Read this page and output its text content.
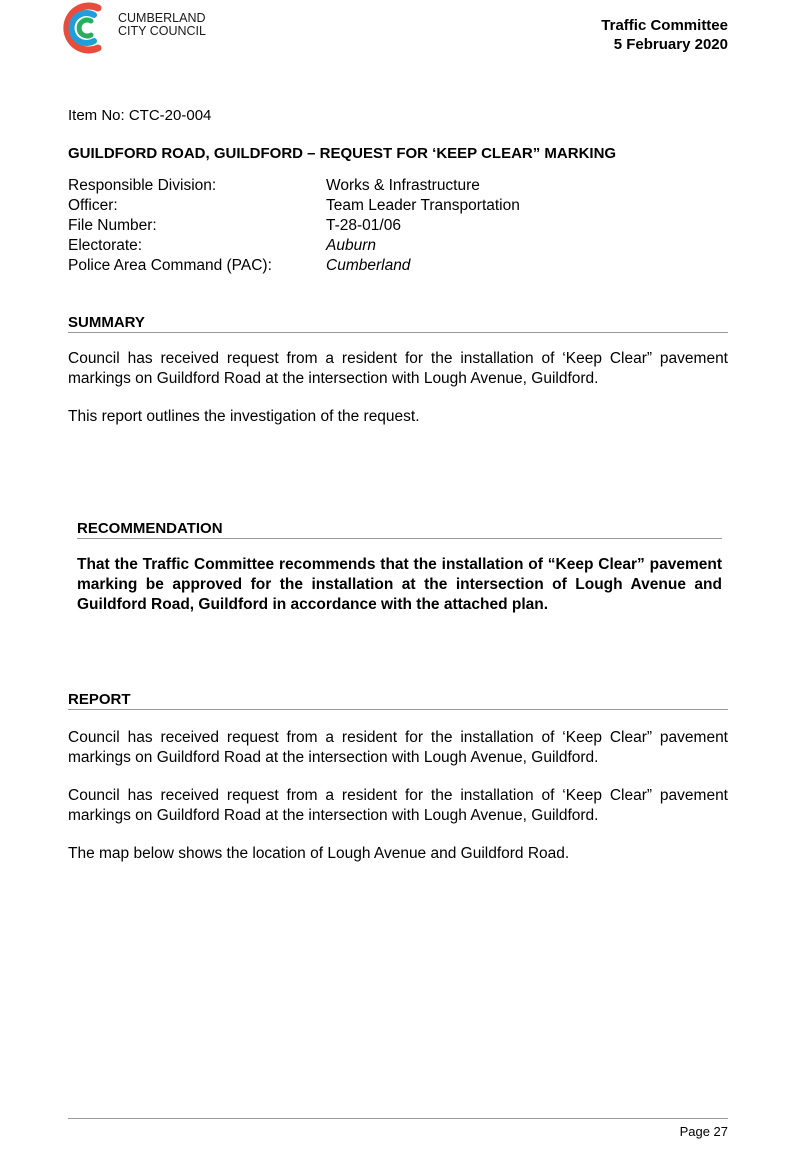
CUMBERLAND
CITY COUNCIL	Traffic Committee
5 February 2020
Item No: CTC-20-004
GUILDFORD ROAD, GUILDFORD – REQUEST FOR ‘KEEP CLEAR” MARKING
Responsible Division:	Works & Infrastructure
Officer:	Team Leader Transportation
File Number:	T-28-01/06
Electorate:	Auburn
Police Area Command (PAC):	Cumberland
SUMMARY

Council has received request from a resident for the installation of ‘Keep Clear” pavement markings on Guildford Road at the intersection with Lough Avenue, Guildford.

This report outlines the investigation of the request.

RECOMMENDATION

That the Traffic Committee recommends that the installation of “Keep Clear” pavement marking be approved for the installation at the intersection of Lough Avenue and Guildford Road, Guildford in accordance with the attached plan.

REPORT

Council has received request from a resident for the installation of ‘Keep Clear” pavement markings on Guildford Road at the intersection with Lough Avenue, Guildford.

Council has received request from a resident for the installation of ‘Keep Clear” pavement markings on Guildford Road at the intersection with Lough Avenue, Guildford.

The map below shows the location of Lough Avenue and Guildford Road.

Page 27
